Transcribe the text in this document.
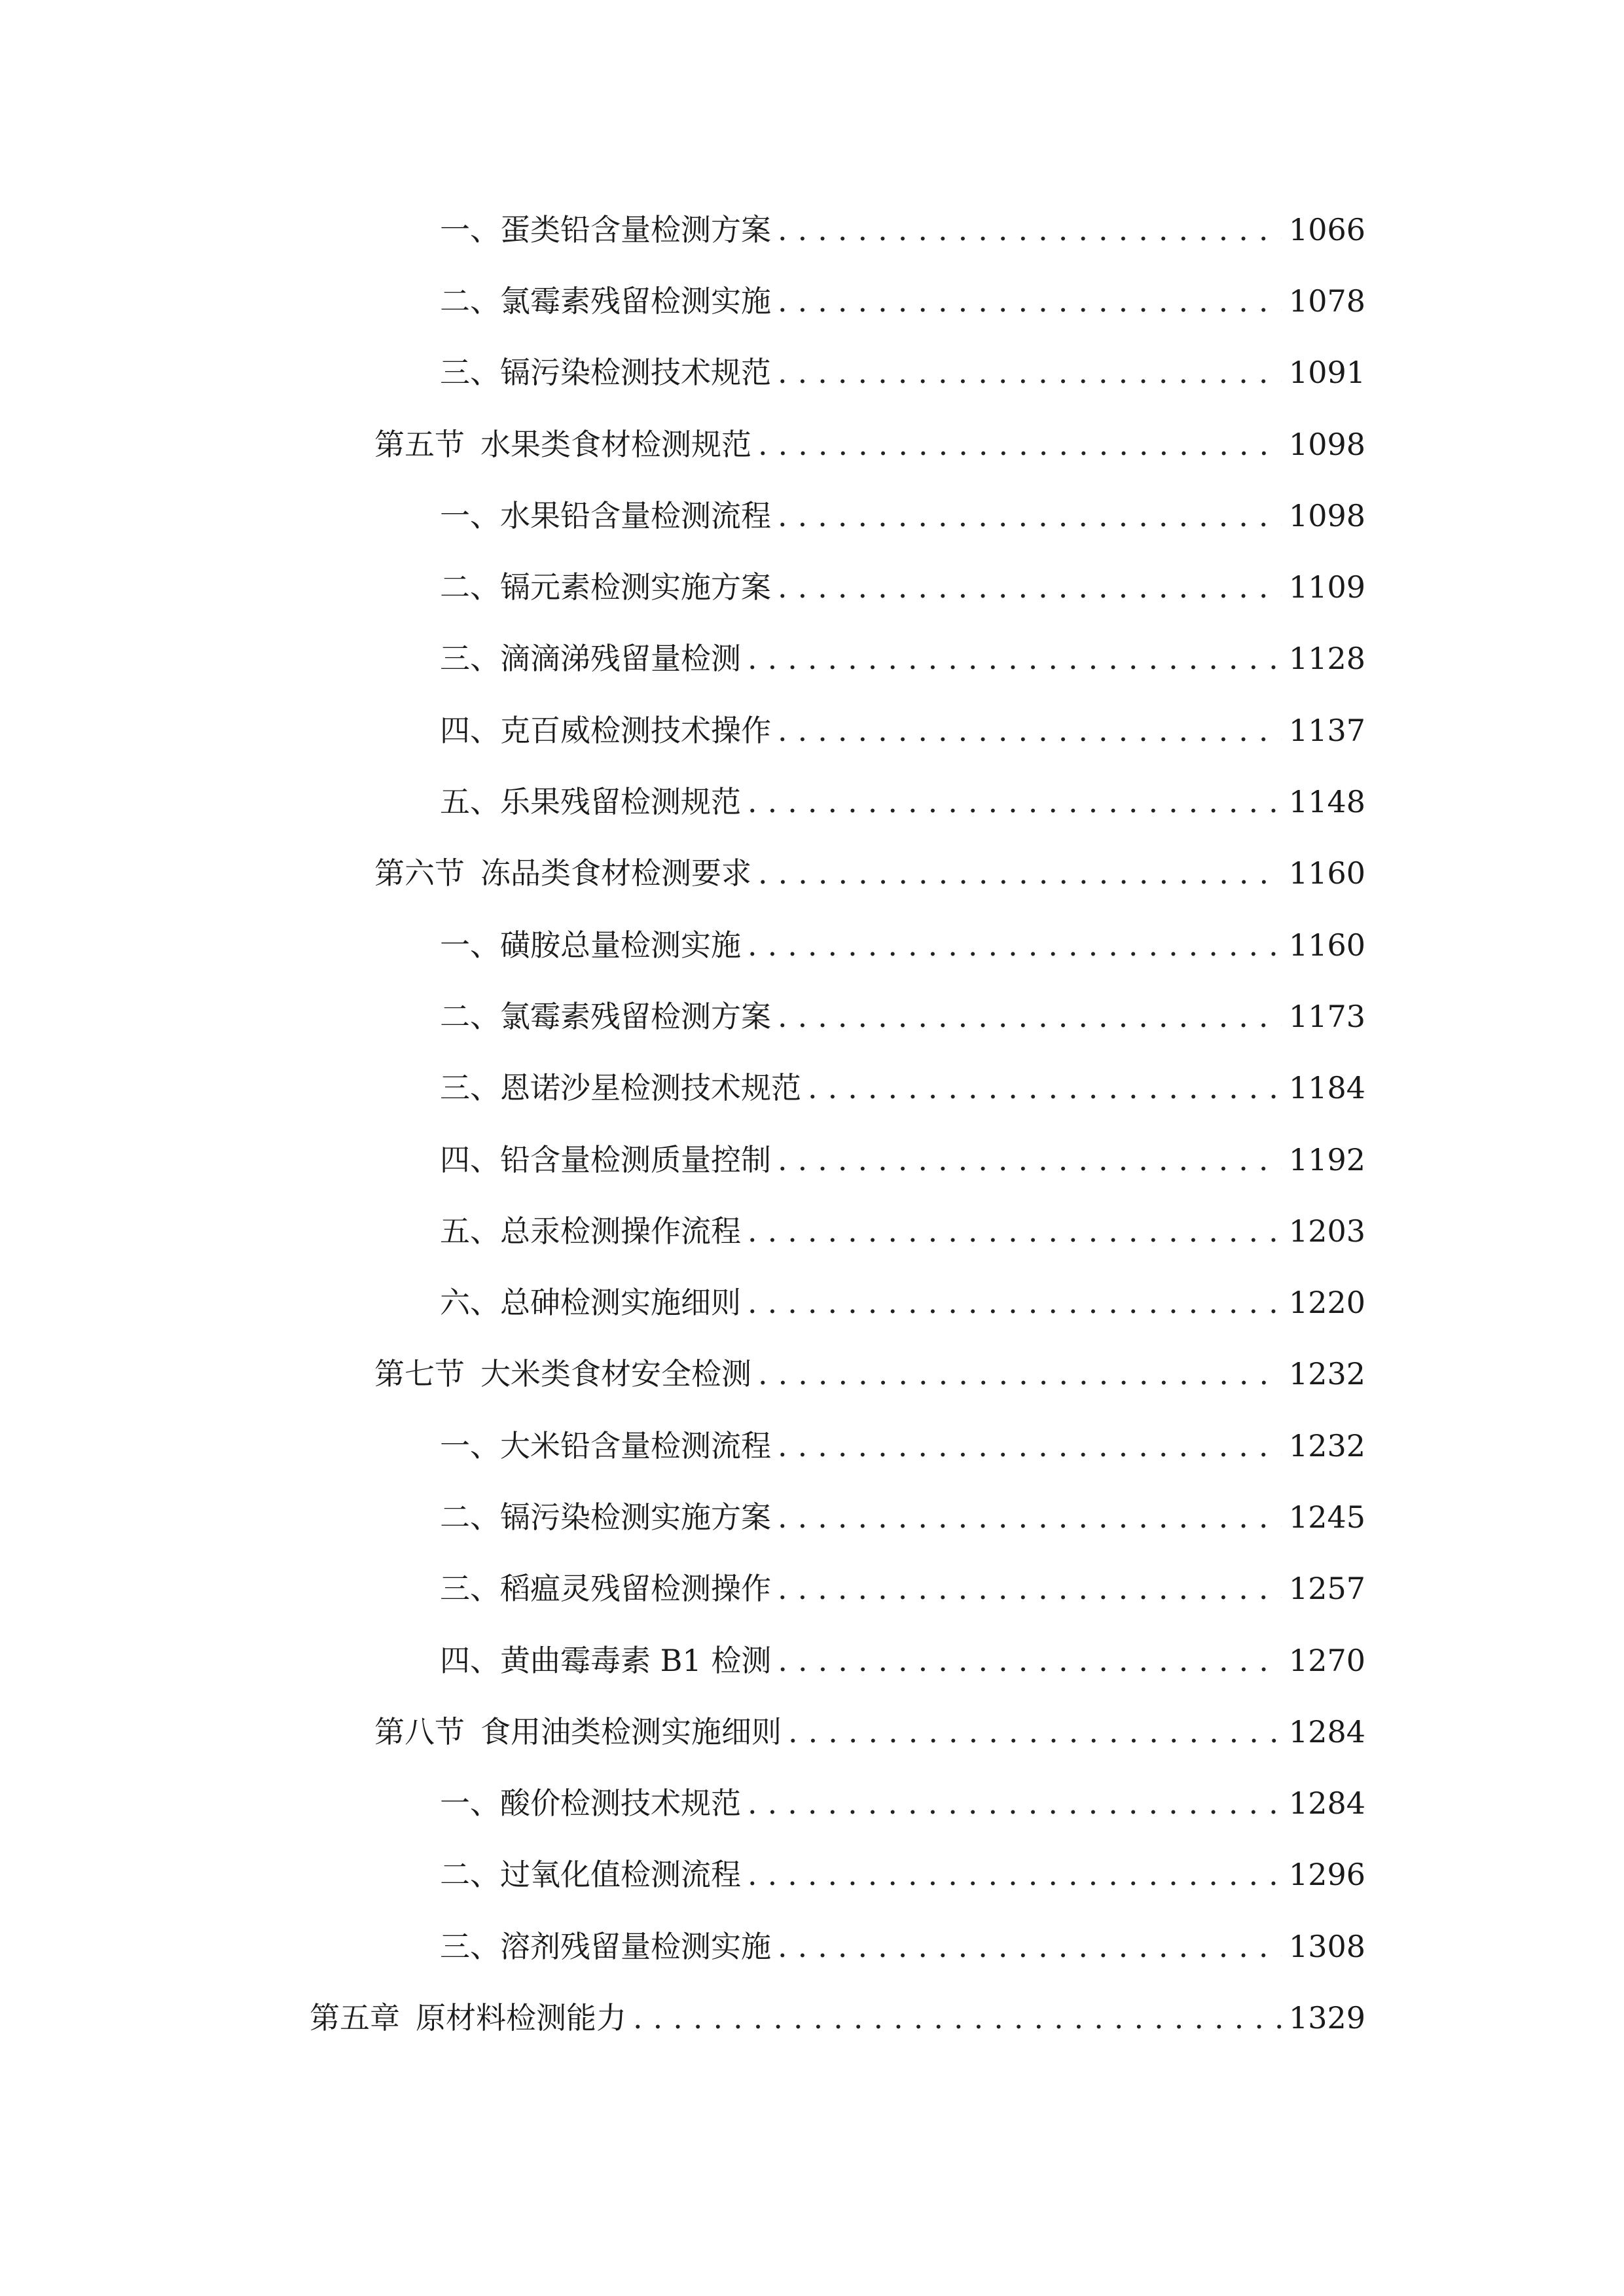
一、 蛋类铅含量检测方案 .....	1066
二、 氯霉素残留检测实施 .....	1078
三、 镉污染检测技术规范 .....	1091
第五节 水果类食材检测规范 .....	1098
一、 水果铅含量检测流程 .....	1098
二、 镉元素检测实施方案 .....	1109
三、 滴滴涕残留量检测 .....	1128
四、 克百威检测技术操作 .....	1137
五、 乐果残留检测规范 .....	1148
第六节 冻品类食材检测要求 .....	1160
一、 磺胺总量检测实施 .....	1160
二、 氯霉素残留检测方案 .....	1173
三、 恩诺沙星检测技术规范 .....	1184
四、 铅含量检测质量控制 .....	1192
五、 总汞检测操作流程 .....	1203
六、 总砷检测实施细则 .....	1220
第七节 大米类食材安全检测 .....	1232
一、 大米铅含量检测流程 .....	1232
二、 镉污染检测实施方案 .....	1245
三、 稻瘟灵残留检测操作 .....	1257
四、 黄曲霉毒素 B1 检测 .....	1270
第八节 食用油类检测实施细则 .....	1284
一、 酸价检测技术规范 .....	1284
二、 过氧化值检测流程 .....	1296
三、 溶剂残留量检测实施 .....	1308
第五章 原材料检测能力 .....	1329
